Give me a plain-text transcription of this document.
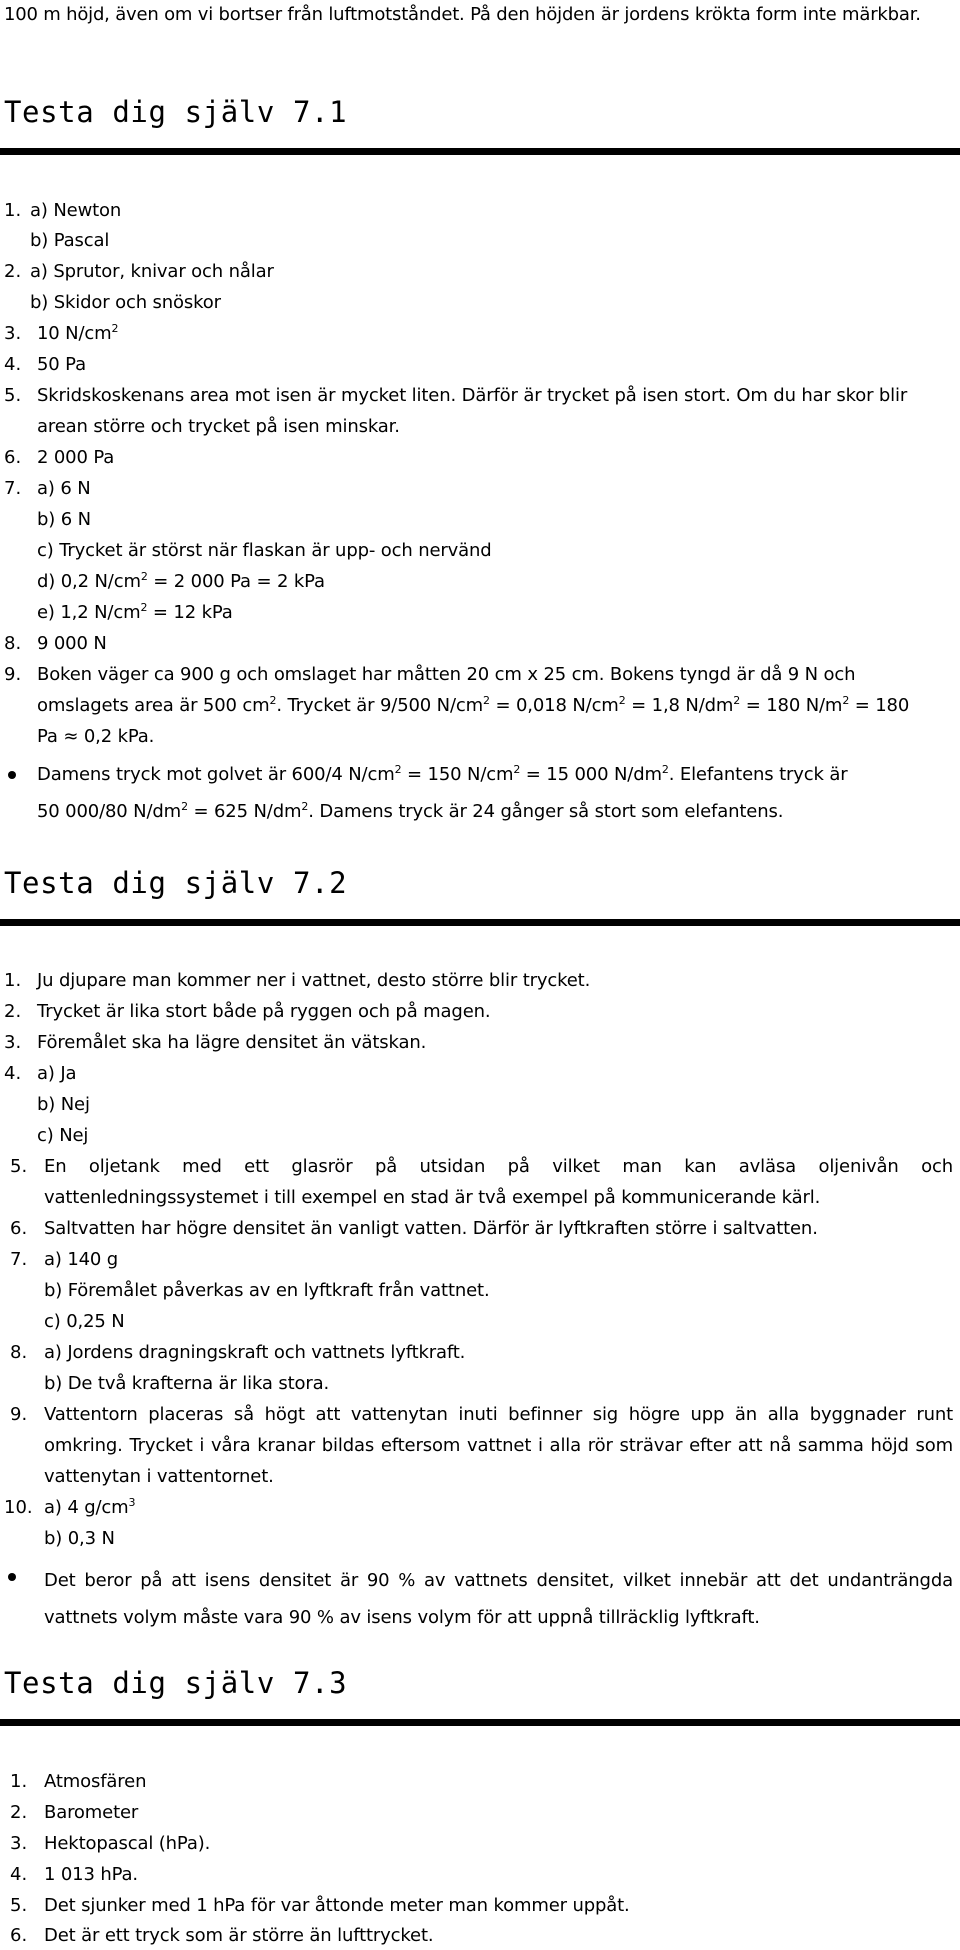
100 m höjd, även om vi bortser från luftmotståndet. På den höjden är jordens krökta form inte märkbar.
Testa dig själv 7.1
1. a) Newton
b) Pascal
2. a) Sprutor, knivar och nålar
b) Skidor och snöskor
3. 10 $N/cm^2$
4. 50 Pa
5. Skridskoskenans area mot isen är mycket liten. Därför är trycket på isen stort. Om du har skor blir arean större och trycket på isen minskar.
6. 2 000 Pa
7. a) 6 N
b) 6 N
c) Trycket är störst när flaskan är upp- och nervänd
d) 0,2 $N/cm^2 = 2$ 000 Pa = 2 kPa
e) 1,2 $N/cm^2 = 12$ kPa
8. 9 000 N
9. Boken väger ca 900 g och omslaget har måtten 20 cm x 25 cm. Bokens tyngd är då 9 N och
omslagets area är 500 $cm^2$. Trycket är 9/500 $N/cm^2 = 0,018$ $N/cm^2 = 1,8$ $N/dm^2 = 180$ $N/m^2 = 180$
Pa ≈ 0,2 kPa.
Damens tryck mot golvet är 600/4 $N/cm^2 = 150$ $N/cm^2 = 15$ 000 $N/dm^2$. Elefantens tryck är
50 000/80 $N/dm^2 = 625$ $N/dm^2$. Damens tryck är 24 gånger så stort som elefantens.
Testa dig själv 7.2
1. Ju djupare man kommer ner i vattnet, desto större blir trycket.
2. Trycket är lika stort både på ryggen och på magen.
3. Föremålet ska ha lägre densitet än vätskan.
4. a) Ja
b) Nej
c) Nej
5. En oljetank med ett glasrör på utsidan på vilket man kan avläsa oljenivån och vattenledningssystemet i till exempel en stad är två exempel på kommunicerande kärl.
6. Saltvatten har högre densitet än vanligt vatten. Därför är lyftkraften större i saltvatten.
7. a) 140 g
b) Föremålet påverkas av en lyftkraft från vattnet.
c) 0,25 N
8. a) Jordens dragningskraft och vattnets lyftkraft.
b) De två krafterna är lika stora.
9. Vattentorn placeras så högt att vattenytan inuti befinner sig högre upp än alla byggnader runt omkring. Trycket i våra kranar bildas eftersom vattnet i alla rör strävar efter att nå samma höjd som vattenytan i vattentornet.
10. a) 4 $g/cm^3$
b) 0,3 N
Det beror på att isens densitet är 90 % av vattnets densitet, vilket innebär att det undanträngda vattnets volym måste vara 90 % av isens volym för att uppnå tillräcklig lyftkraft.
Testa dig själv 7.3
1. Atmosfären
2. Barometer
3. Hektopascal (hPa).
4. 1 013 hPa.
5. Det sjunker med 1 hPa för var åttonde meter man kommer uppåt.
6. Det är ett tryck som är större än lufttrycket.
